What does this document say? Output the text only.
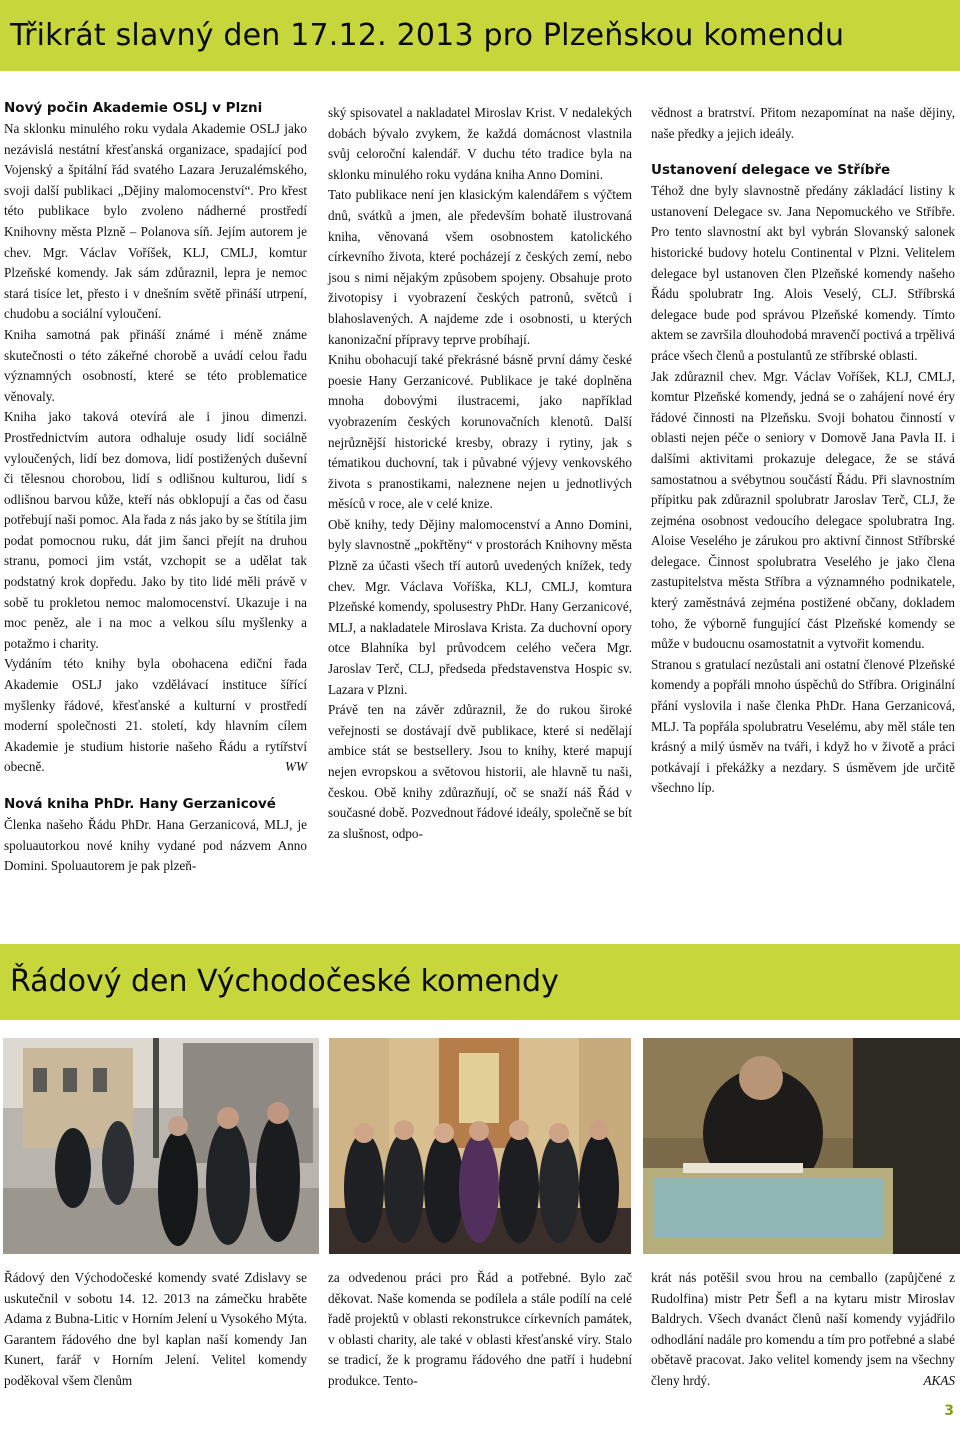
Třikrát slavný den 17.12. 2013 pro Plzeňskou komendu
Nový počin Akademie OSLJ v Plzni

Na sklonku minulého roku vydala Akademie OSLJ jako nezávislá nestátní křesťanská organizace, spadající pod Vojenský a špitální řád svatého Lazara Jeruzalémského, svoji další publikaci „Dějiny malomocenství“. Pro křest této publikace bylo zvoleno nádherné prostředí Knihovny města Plzně – Polanova síň. Jejím autorem je chev. Mgr. Václav Voříšek, KLJ, CMLJ, komtur Plzeňské komendy. Jak sám zdůraznil, lepra je nemoc stará tisíce let, přesto i v dnešním světě přináší utrpení, chudobu a sociální vyloučení.

Kniha samotná pak přináší známé i méně známe skutečnosti o této zákeřné chorobě a uvádí celou řadu významných osobností, které se této problematice věnovaly.

Kniha jako taková otevírá ale i jinou dimenzi. Prostřednictvím autora odhaluje osudy lidí sociálně vyloučených, lidí bez domova, lidí postižených duševní či tělesnou chorobou, lidí s odlišnou kulturou, lidí s odlišnou barvou kůže, kteří nás obklopují a čas od času potřebují naši pomoc. Ala řada z nás jako by se štítila jim podat pomocnou ruku, dát jim šanci přejít na druhou stranu, pomoci jim vstát, vzchopit se a udělat tak podstatný krok dopředu. Jako by tito lidé měli právě v sobě tu prokletou nemoc malomocenství. Ukazuje i na moc peněz, ale i na moc a velkou sílu myšlenky a potažmo i charity.

Vydáním této knihy byla obohacena ediční řada Akademie OSLJ jako vzdělávací instituce šířící myšlenky řádové, křesťanské a kulturní v prostředí moderní společnosti 21. století, kdy hlavním cílem Akademie je studium historie našeho Řádu a rytířství obecně.	WW

Nová kniha PhDr. Hany Gerzanicové

Členka našeho Řádu PhDr. Hana Gerzanicová, MLJ, je spoluautorkou nové knihy vydané pod názvem Anno Domini. Spoluautorem je pak plzeň-

ský spisovatel a nakladatel Miroslav Krist. V nedalekých dobách bývalo zvykem, že každá domácnost vlastnila svůj celoroční kalendář. V duchu této tradice byla na sklonku minulého roku vydána kniha Anno Domini.

Tato publikace není jen klasickým kalendářem s výčtem dnů, svátků a jmen, ale především bohatě ilustrovaná kniha, věnovaná všem osobnostem katolického církevního života, které pocházejí z českých zemí, nebo jsou s nimi nějakým způsobem spojeny. Obsahuje proto životopisy i vyobrazení českých patronů, světců i blahoslavených. A najdeme zde i osobnosti, u kterých kanonizační přípravy teprve probíhají.

Knihu obohacují také překrásné básně první dámy české poesie Hany Gerzanicové. Publikace je také doplněna mnoha dobovými ilustracemi, jako například vyobrazením českých korunovačních klenotů. Další nejrůznější historické kresby, obrazy i rytiny, jak s tématikou duchovní, tak i půvabné výjevy venkovského života s pranostikami, naleznene nejen u jednotlivých měsíců v roce, ale v celé knize.

Obě knihy, tedy Dějiny malomocenství a Anno Domini, byly slavnostně „pokřtěny“ v prostorách Knihovny města Plzně za účasti všech tří autorů uvedených knížek, tedy chev. Mgr. Václava Voříška, KLJ, CMLJ, komtura Plzeňské komendy, spolusestry PhDr. Hany Gerzanicové, MLJ, a nakladatele Miroslava Krista. Za duchovní opory otce Blahníka byl průvodcem celého večera Mgr. Jaroslav Terč, CLJ, předseda představenstva Hospic sv. Lazara v Plzni.

Právě ten na závěr zdůraznil, že do rukou široké veřejnosti se dostávají dvě publikace, které si nedělají ambice stát se bestsellery. Jsou to knihy, které mapují nejen evropskou a světovou historii, ale hlavně tu naši, českou. Obě knihy zdůrazňují, oč se snaží náš Řád v současné době. Pozvednout řádové ideály, společně se bít za slušnost, odpo-

vědnost a bratrství. Přitom nezapomínat na naše dějiny, naše předky a jejich ideály.

Ustanovení delegace ve Stříbře

Téhož dne byly slavnostně předány základácí listiny k ustanovení Delegace sv. Jana Nepomuckého ve Stříbře. Pro tento slavnostní akt byl vybrán Slovanský salonek historické budovy hotelu Continental v Plzni. Velitelem delegace byl ustanoven člen Plzeňské komendy našeho Řádu spolubratr Ing. Alois Veselý, CLJ. Stříbrská delegace bude pod správou Plzeňské komendy. Tímto aktem se završila dlouhodobá mravenčí poctivá a trpělivá práce všech členů a postulantů ze stříbrské oblasti.

Jak zdůraznil chev. Mgr. Václav Voříšek, KLJ, CMLJ, komtur Plzeňské komendy, jedná se o zahájení nové éry řádové činnosti na Plzeňsku. Svoji bohatou činností v oblasti nejen péče o seniory v Domově Jana Pavla II. i dalšími aktivitami prokazuje delegace, že se stává samostatnou a svébytnou součástí Řádu. Při slavnostním přípitku pak zdůraznil spolubratr Jaroslav Terč, CLJ, že zejména osobnost vedoucího delegace spolubratra Ing. Aloise Veselého je zárukou pro aktivní činnost Stříbrské delegace. Činnost spolubratra Veselého je jako člena zastupitelstva města Stříbra a významného podnikatele, který zaměstnává zejména postižené občany, dokladem toho, že výborně fungující část Plzeňské komendy se může v budoucnu osamostatnit a vytvořit komendu.

Stranou s gratulací nezůstali ani ostatní členové Plzeňské komendy a popřáli mnoho úspěchů do Stříbra. Originální přání vyslovila i naše členka PhDr. Hana Gerzanicová, MLJ. Ta popřála spolubratru Veselému, aby měl stále ten krásný a milý úsměv na tváři, i když ho v životě a práci potkávají i překážky a nezdary. S úsměvem jde určitě všechno líp.

Řádový den Východočeské komendy

Řádový den Východočeské komendy svaté Zdislavy se uskutečnil v sobotu 14. 12. 2013 na zámečku hraběte Adama z Bubna-Litic v Horním Jelení u Vysokého Mýta. Garantem řádového dne byl kaplan naší komendy Jan Kunert, farář v Horním Jelení. Velitel komendy poděkoval všem členům

za odvedenou práci pro Řád a potřebné. Bylo zač děkovat. Naše komenda se podílela a stále podílí na celé řadě projektů v oblasti rekonstrukce církevních památek, v oblasti charity, ale také v oblasti křesťanské víry. Stalo se tradicí, že k programu řádového dne patří i hudební produkce. Tento-

krát nás potěšil svou hrou na cemballo (zapůjčené z Rudolfina) mistr Petr Šefl a na kytaru mistr Miroslav Baldrych. Všech dvanáct členů naší komendy vyjádřilo odhodlání nadále pro komendu a tím pro potřebné a slabé obětavě pracovat. Jako velitel komendy jsem na všechny členy hrdý.	AKAS

3
